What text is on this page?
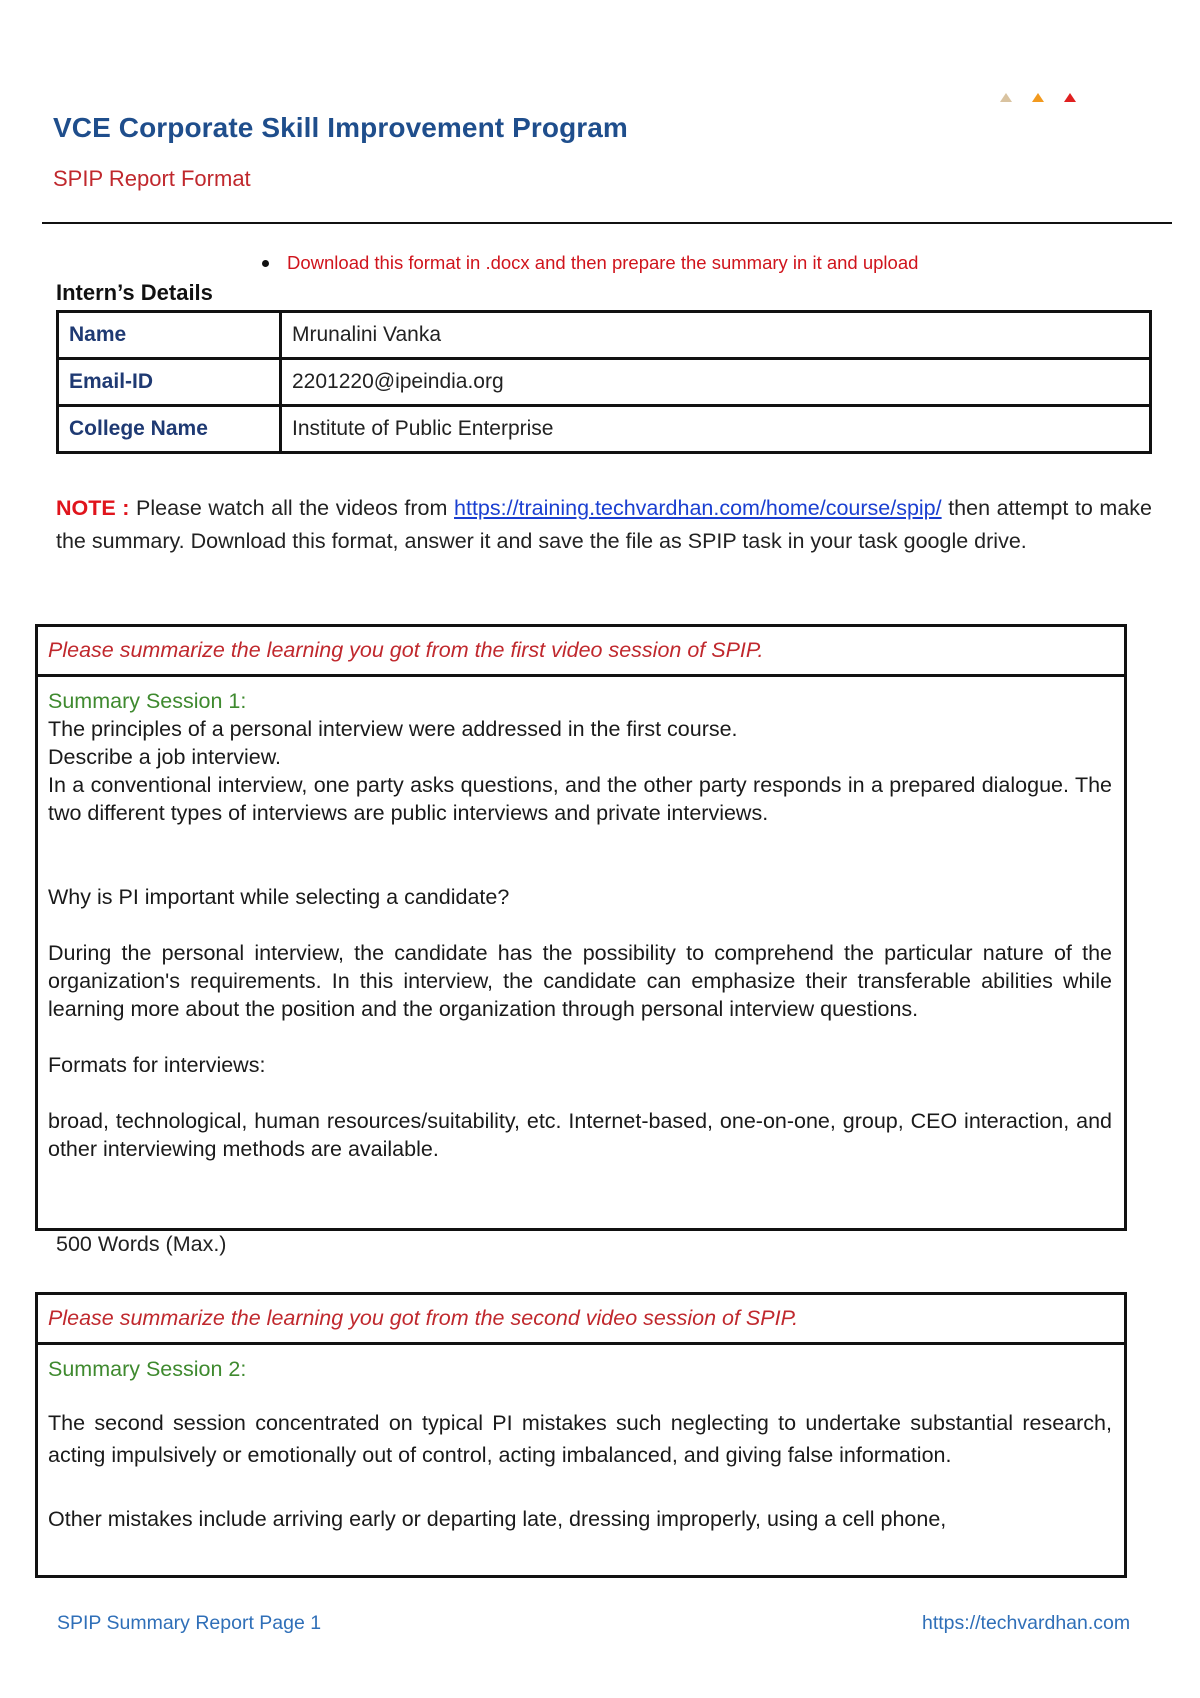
VCE Corporate Skill Improvement Program
SPIP Report Format
Download this format in .docx and then prepare the summary in it and upload
Intern’s Details
Name	Mrunalini Vanka
Email-ID	2201220@ipeindia.org
College Name	Institute of Public Enterprise
NOTE : Please watch all the videos from https://training.techvardhan.com/home/course/spip/ then attempt to make the summary. Download this format, answer it and save the file as SPIP task in your task google drive.
Please summarize the learning you got from the first video session of SPIP.
Summary Session 1:

The principles of a personal interview were addressed in the first course.

Describe a job interview.

In a conventional interview, one party asks questions, and the other party responds in a prepared dialogue. The two different types of interviews are public interviews and private interviews.

Why is PI important while selecting a candidate?

During the personal interview, the candidate has the possibility to comprehend the particular nature of the organization's requirements. In this interview, the candidate can emphasize their transferable abilities while learning more about the position and the organization through personal interview questions.

Formats for interviews:

broad, technological, human resources/suitability, etc. Internet-based, one-on-one, group, CEO interaction, and other interviewing methods are available.

500 Words (Max.)
Please summarize the learning you got from the second video session of SPIP.
Summary Session 2:

The second session concentrated on typical PI mistakes such neglecting to undertake substantial research, acting impulsively or emotionally out of control, acting imbalanced, and giving false information.

Other mistakes include arriving early or departing late, dressing improperly, using a cell phone,

SPIP Summary Report Page 1	https://techvardhan.com
